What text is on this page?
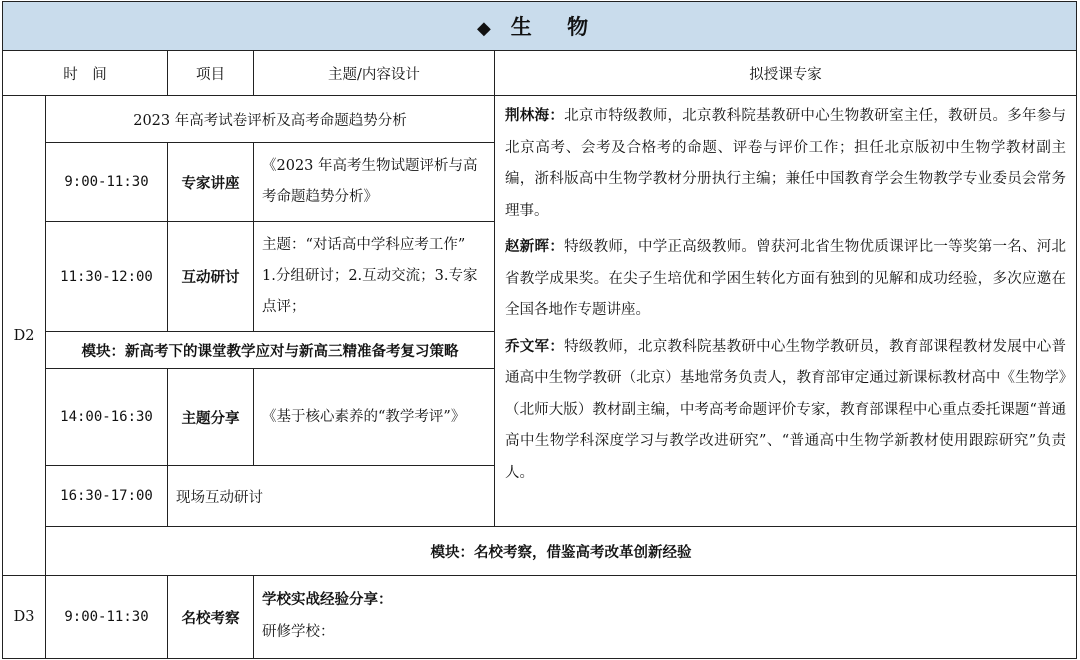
◆ 生 物				
时　间		项目	主题/内容设计	拟授课专家
D2	2023 年高考试卷评析及高考命题趋势分析			荆林海：北京市特级教师，北京教科院基教研中心生物教研室主任，教研员。多年参与北京高考、会考及合格考的命题、评卷与评价工作；担任北京版初中生物学教材副主编，浙科版高中生物学教材分册执行主编；兼任中国教育学会生物教学专业委员会常务理事。

赵新晖：特级教师，中学正高级教师。曾获河北省生物优质课评比一等奖第一名、河北省教学成果奖。在尖子生培优和学困生转化方面有独到的见解和成功经验，多次应邀在全国各地作专题讲座。

乔文军：特级教师，北京教科院基教研中心生物学教研员，教育部课程教材发展中心普通高中生物学教研（北京）基地常务负责人，教育部审定通过新课标教材高中《生物学》（北师大版）教材副主编，中考高考命题评价专家，教育部课程中心重点委托课题“普通高中生物学科深度学习与教学改进研究”、“普通高中生物学新教材使用跟踪研究”负责人。

	9:00-11:30	专家讲座	《2023 年高考生物试题评析与高考命题趋势分析》	
	11:30-12:00	互动研讨	主题：“对话高中学科应考工作”
1.分组研讨；2.互动交流；3.专家点评；	
	模块：新高考下的课堂教学应对与新高三精准备考复习策略			
	14:00-16:30	主题分享	《基于核心素养的“教学考评”》	
	16:30-17:00	现场互动研讨		
	模块：名校考察，借鉴高考改革创新经验			
D3	9:00-11:30	名校考察	学校实战经验分享：
研修学校：	
